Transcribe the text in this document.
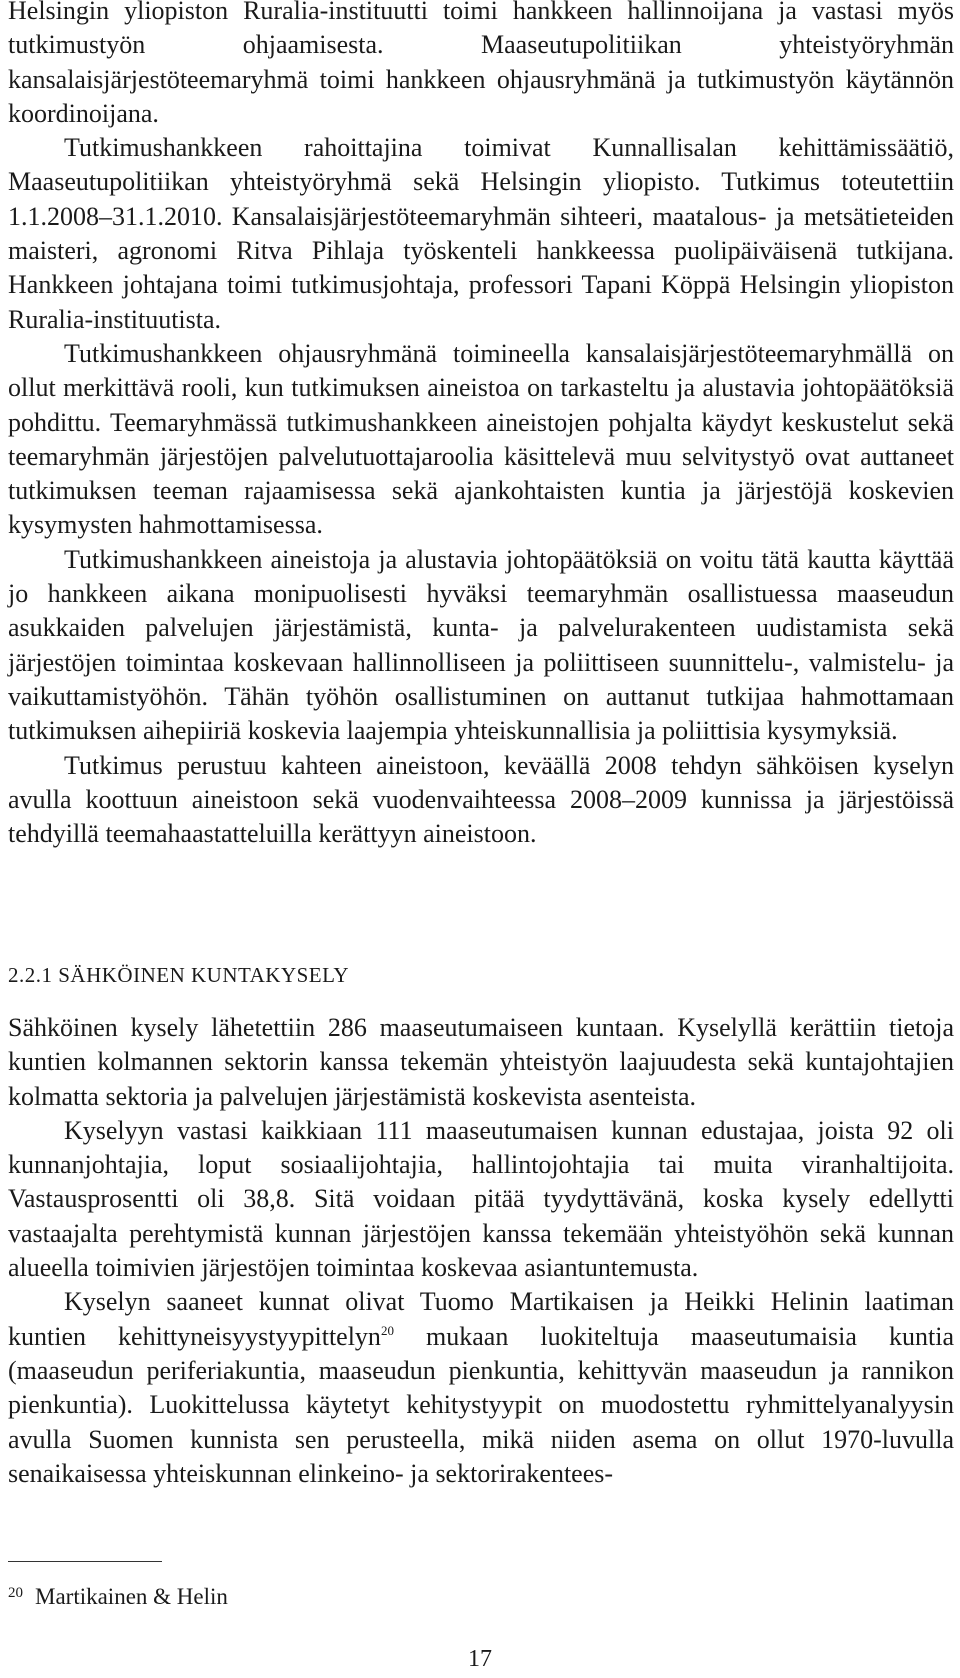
Helsingin yliopiston Ruralia-instituutti toimi hankkeen hallinnoijana ja vastasi myös tutkimustyön ohjaamisesta. Maaseutupolitiikan yhteistyöryhmän kansalaisjärjestöteemaryhmä toimi hankkeen ohjausryhmänä ja tutkimustyön käytännön koordinoijana.

Tutkimushankkeen rahoittajina toimivat Kunnallisalan kehittämissäätiö, Maaseutupolitiikan yhteistyöryhmä sekä Helsingin yliopisto. Tutkimus toteutettiin 1.1.2008–31.1.2010. Kansalaisjärjestöteemaryhmän sihteeri, maatalous- ja metsätieteiden maisteri, agronomi Ritva Pihlaja työskenteli hankkeessa puolipäiväisenä tutkijana. Hankkeen johtajana toimi tutkimusjohtaja, professori Tapani Köppä Helsingin yliopiston Ruralia-instituutista.

Tutkimushankkeen ohjausryhmänä toimineella kansalaisjärjestöteemaryhmällä on ollut merkittävä rooli, kun tutkimuksen aineistoa on tarkasteltu ja alustavia johtopäätöksiä pohdittu. Teemaryhmässä tutkimushankkeen aineistojen pohjalta käydyt keskustelut sekä teemaryhmän järjestöjen palvelutuottajaroolia käsittelevä muu selvitystyö ovat auttaneet tutkimuksen teeman rajaamisessa sekä ajankohtaisten kuntia ja järjestöjä koskevien kysymysten hahmottamisessa.

Tutkimushankkeen aineistoja ja alustavia johtopäätöksiä on voitu tätä kautta käyttää jo hankkeen aikana monipuolisesti hyväksi teemaryhmän osallistuessa maaseudun asukkaiden palvelujen järjestämistä, kunta- ja palvelurakenteen uudistamista sekä järjestöjen toimintaa koskevaan hallinnolliseen ja poliittiseen suunnittelu-, valmistelu- ja vaikuttamistyöhön. Tähän työhön osallistuminen on auttanut tutkijaa hahmottamaan tutkimuksen aihepiiriä koskevia laajempia yhteiskunnallisia ja poliittisia kysymyksiä.

Tutkimus perustuu kahteen aineistoon, keväällä 2008 tehdyn sähköisen kyselyn avulla koottuun aineistoon sekä vuodenvaihteessa 2008–2009 kunnissa ja järjestöissä tehdyillä teemahaastatteluilla kerättyyn aineistoon.

2.2.1 SÄHKÖINEN KUNTAKYSELY

Sähköinen kysely lähetettiin 286 maaseutumaiseen kuntaan. Kyselyllä kerättiin tietoja kuntien kolmannen sektorin kanssa tekemän yhteistyön laajuudesta sekä kuntajohtajien kolmatta sektoria ja palvelujen järjestämistä koskevista asenteista.

Kyselyyn vastasi kaikkiaan 111 maaseutumaisen kunnan edustajaa, joista 92 oli kunnanjohtajia, loput sosiaalijohtajia, hallintojohtajia tai muita viranhaltijoita. Vastausprosentti oli 38,8. Sitä voidaan pitää tyydyttävänä, koska kysely edellytti vastaajalta perehtymistä kunnan järjestöjen kanssa tekemään yhteistyöhön sekä kunnan alueella toimivien järjestöjen toimintaa koskevaa asiantuntemusta.

Kyselyn saaneet kunnat olivat Tuomo Martikaisen ja Heikki Helinin laatiman kuntien kehittyneisyystyypittelyn$^{20}$ mukaan luokiteltuja maaseutumaisia kuntia (maaseudun periferiakuntia, maaseudun pienkuntia, kehittyvän maaseudun ja rannikon pienkuntia). Luokittelussa käytetyt kehitystyypit on muodostettu ryhmittelyanalyysin avulla Suomen kunnista sen perusteella, mikä niiden asema on ollut 1970-luvulla senaikaisessa yhteiskunnan elinkeino- ja sektorirakentees-

$^{20}$ Martikainen & Helin
17
